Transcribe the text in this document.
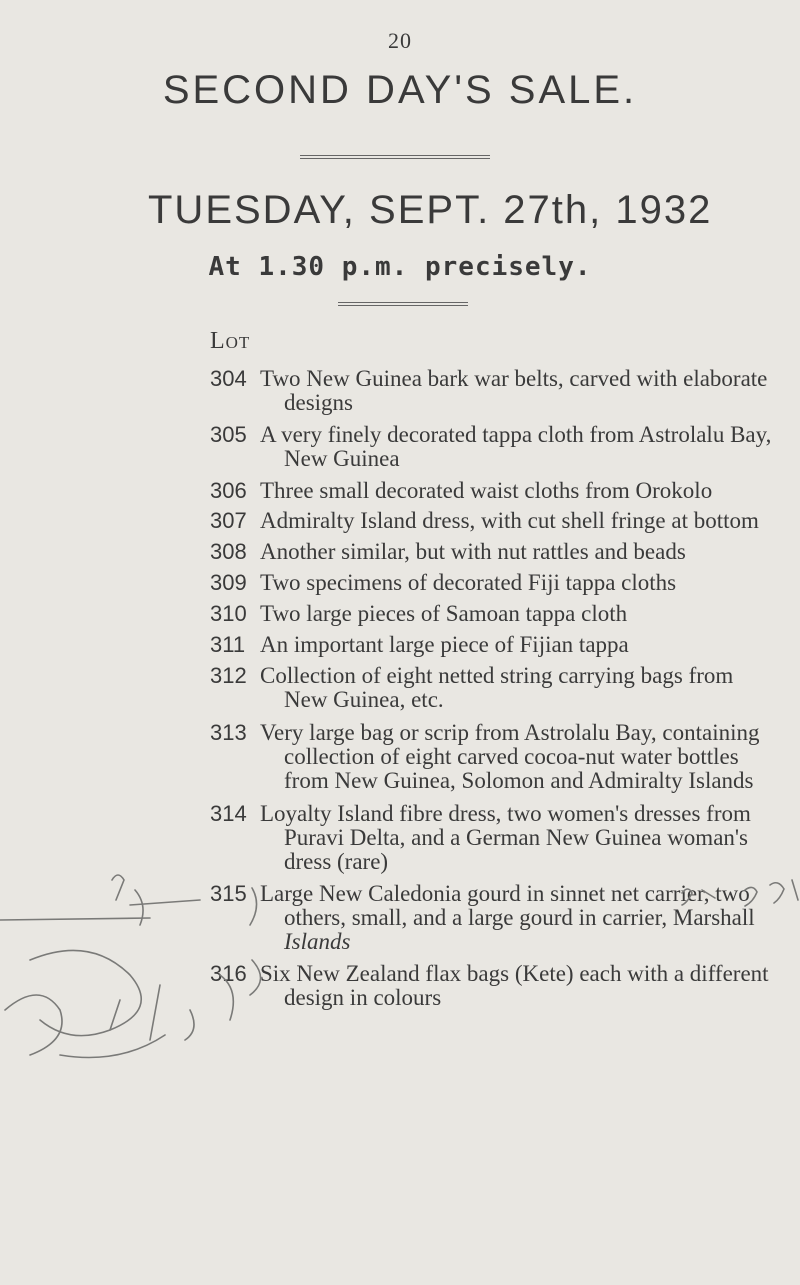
20
SECOND DAY'S SALE.
TUESDAY, SEPT. 27th, 1932
At 1.30 p.m. precisely.
Lot
304 Two New Guinea bark war belts, carved with elaborate
designs
305 A very finely decorated tappa cloth from Astrolalu Bay,
New Guinea
306 Three small decorated waist cloths from Orokolo
307 Admiralty Island dress, with cut shell fringe at bottom
308 Another similar, but with nut rattles and beads
309 Two specimens of decorated Fiji tappa cloths
310 Two large pieces of Samoan tappa cloth
311 An important large piece of Fijian tappa
312 Collection of eight netted string carrying bags from
New Guinea, etc.
313 Very large bag or scrip from Astrolalu Bay, containing
collection of eight carved cocoa-nut water bottles
from New Guinea, Solomon and Admiralty Islands
314 Loyalty Island fibre dress, two women's dresses from
Puravi Delta, and a German New Guinea woman's
dress (rare)
315 Large New Caledonia gourd in sinnet net carrier, two
others, small, and a large gourd in carrier, Marshall
Islands
316 Six New Zealand flax bags (Kete) each with a different
design in colours
